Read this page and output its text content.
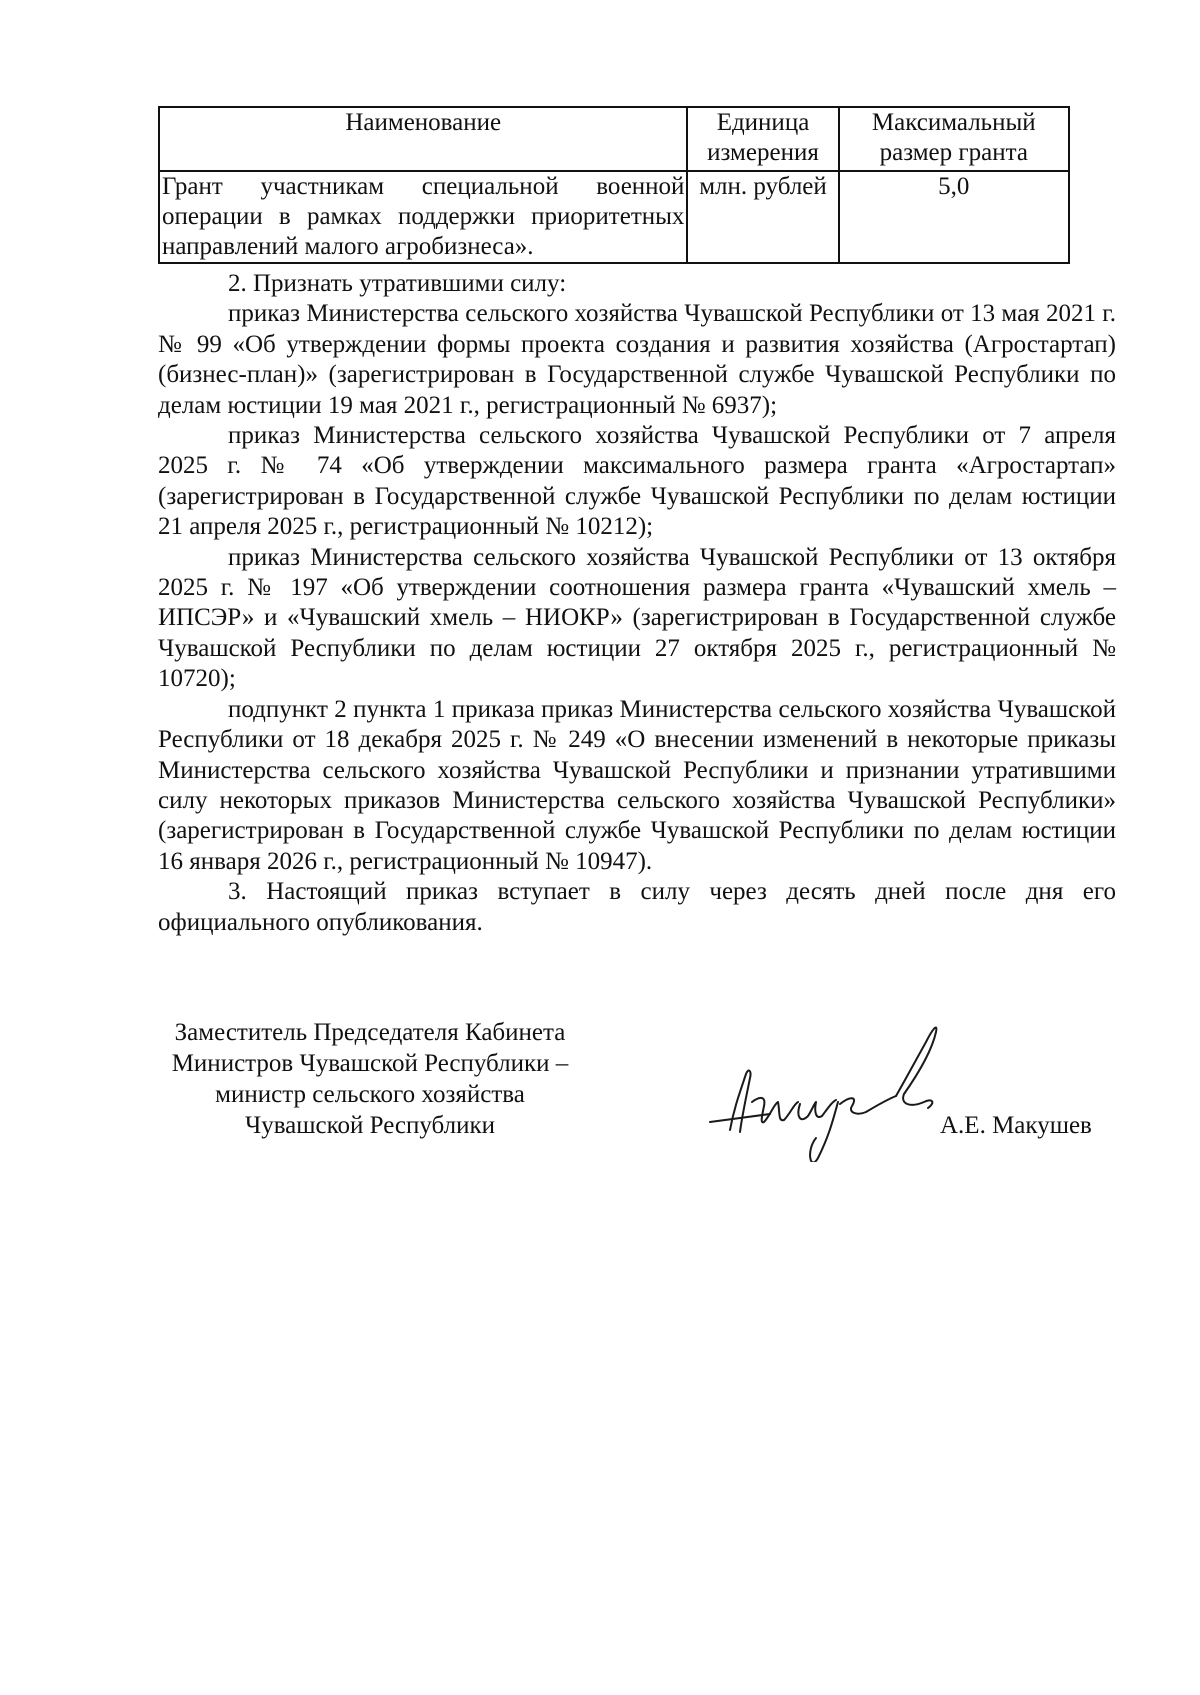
Наименование	Единица измерения	Максимальный размер гранта
Грант участникам специальной военной операции в рамках поддержки приоритетных направлений малого агробизнеса».	млн. рублей	5,0

2. Признать утратившими силу:

приказ Министерства сельского хозяйства Чувашской Республики от 13 мая 2021 г. № 99 «Об утверждении формы проекта создания и развития хозяйства (Агростартап) (бизнес-план)» (зарегистрирован в Государственной службе Чувашской Республики по делам юстиции 19 мая 2021 г., регистрационный № 6937);

приказ Министерства сельского хозяйства Чувашской Республики от 7 апреля 2025 г. № 74 «Об утверждении максимального размера гранта «Агростартап» (зарегистрирован в Государственной службе Чувашской Республики по делам юстиции 21 апреля 2025 г., регистрационный № 10212);

приказ Министерства сельского хозяйства Чувашской Республики от 13 октября 2025 г. № 197 «Об утверждении соотношения размера гранта «Чувашский хмель – ИПСЭР» и «Чувашский хмель – НИОКР» (зарегистрирован в Государственной службе Чувашской Республики по делам юстиции 27 октября 2025 г., регистрационный № 10720);

подпункт 2 пункта 1 приказа приказ Министерства сельского хозяйства Чувашской Республики от 18 декабря 2025 г. № 249 «О внесении изменений в некоторые приказы Министерства сельского хозяйства Чувашской Республики и признании утратившими силу некоторых приказов Министерства сельского хозяйства Чувашской Республики» (зарегистрирован в Государственной службе Чувашской Республики по делам юстиции 16 января 2026 г., регистрационный № 10947).

3. Настоящий приказ вступает в силу через десять дней после дня его официального опубликования.

Заместитель Председателя Кабинета
Министров Чувашской Республики –
министр сельского хозяйства
Чувашской Республики	А.Е. Макушев
